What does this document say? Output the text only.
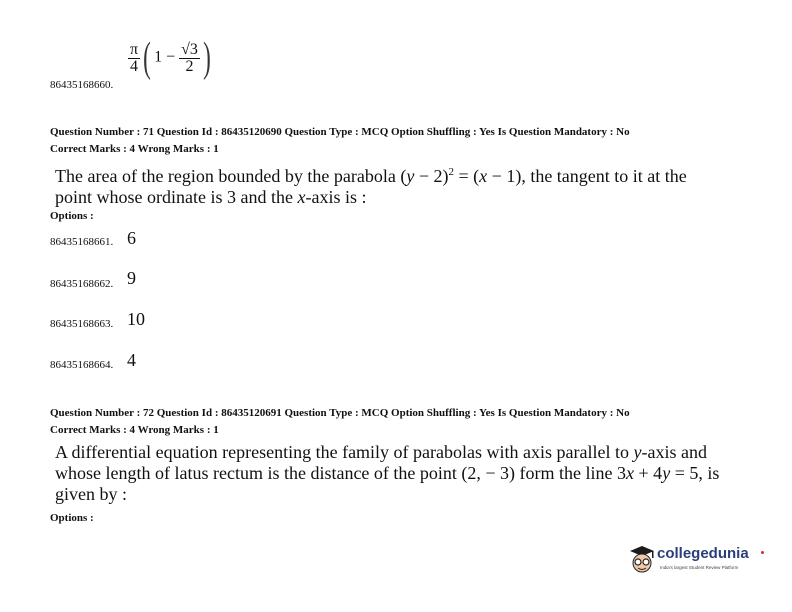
86435168660.
$\frac{\pi}{4}$ ( $1 - \frac{√3}{2}$ )
Question Number : 71 Question Id : 86435120690 Question Type : MCQ Option Shuffling : Yes Is Question Mandatory : No
Correct Marks : 4 Wrong Marks : 1
The area of the region bounded by the parabola $(y - 2)^2 = (x - 1)$, the tangent to it at the
point whose ordinate is 3 and the x-axis is :
Options :
86435168661. 6
86435168662. 9
86435168663. 10
86435168664. 4
Question Number : 72 Question Id : 86435120691 Question Type : MCQ Option Shuffling : Yes Is Question Mandatory : No
Correct Marks : 4 Wrong Marks : 1
A differential equation representing the family of parabolas with axis parallel to y-axis and
whose length of latus rectum is the distance of the point (2, − 3) form the line 3x + 4y = 5, is
given by :
Options :
collegedunia
India's largest Student Review Platform
